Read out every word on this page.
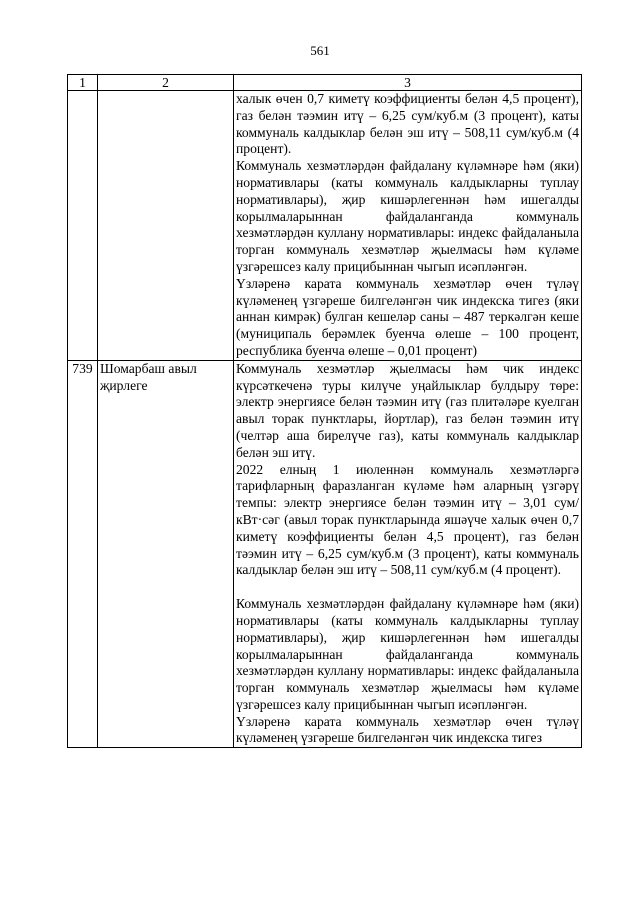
561
1	2	3

		халык өчен 0,7 киметү коэффициенты белән 4,5 процент), газ белән тәэмин итү – 6,25 сум/куб.м (3 процент), каты коммуналь калдыклар белән эш итү – 508,11 сум/куб.м (4 процент).
Коммуналь хезмәтләрдән файдалану күләмнәре һәм (яки) нормативлары (каты коммуналь калдыкларны туплау нормативлары), җир кишәрлегеннән һәм ишегалды корылмаларыннан файдаланганда коммуналь хезмәтләрдән куллану нормативлары: индекс файдаланыла торган коммуналь хезмәтләр җыелмасы һәм күләме үзгәрешсез калу прицибыннан чыгып исәпләнгән.
Үзләренә карата коммуналь хезмәтләр өчен түләү күләменең үзгәреше билгеләнгән чик индекска тигез (яки аннан кимрәк) булган кешеләр саны – 487 теркәлгән кеше (муниципаль берәмлек буенча өлеше – 100 процент, республика буенча өлеше – 0,01 процент)

739	Шомарбаш авыл җирлеге	Коммуналь хезмәтләр җыелмасы һәм чик индекс күрсәткеченә туры килүче уңайлыклар булдыру төре: электр энергиясе белән тәэмин итү (газ плитәләре куелган авыл торак пунктлары, йортлар), газ белән тәэмин итү (челтәр аша бирелүче газ), каты коммуналь калдыклар белән эш итү.
2022 елның 1 июленнән коммуналь хезмәтләргә тарифларның фаразланган күләме һәм аларның үзгәрү темпы: электр энергиясе белән тәэмин итү – 3,01 сум/кВт·сәг (авыл торак пунктларында яшәүче халык өчен 0,7 киметү коэффициенты белән 4,5 процент), газ белән тәэмин итү – 6,25 сум/куб.м (3 процент), каты коммуналь калдыклар белән эш итү – 508,11 сум/куб.м (4 процент).
Коммуналь хезмәтләрдән файдалану күләмнәре һәм (яки) нормативлары (каты коммуналь калдыкларны туплау нормативлары), җир кишәрлегеннән һәм ишегалды корылмаларыннан файдаланганда коммуналь хезмәтләрдән куллану нормативлары: индекс файдаланыла торган коммуналь хезмәтләр җыелмасы һәм күләме үзгәрешсез калу прицибыннан чыгып исәпләнгән.
Үзләренә карата коммуналь хезмәтләр өчен түләү күләменең үзгәреше билгеләнгән чик индекска тигез
